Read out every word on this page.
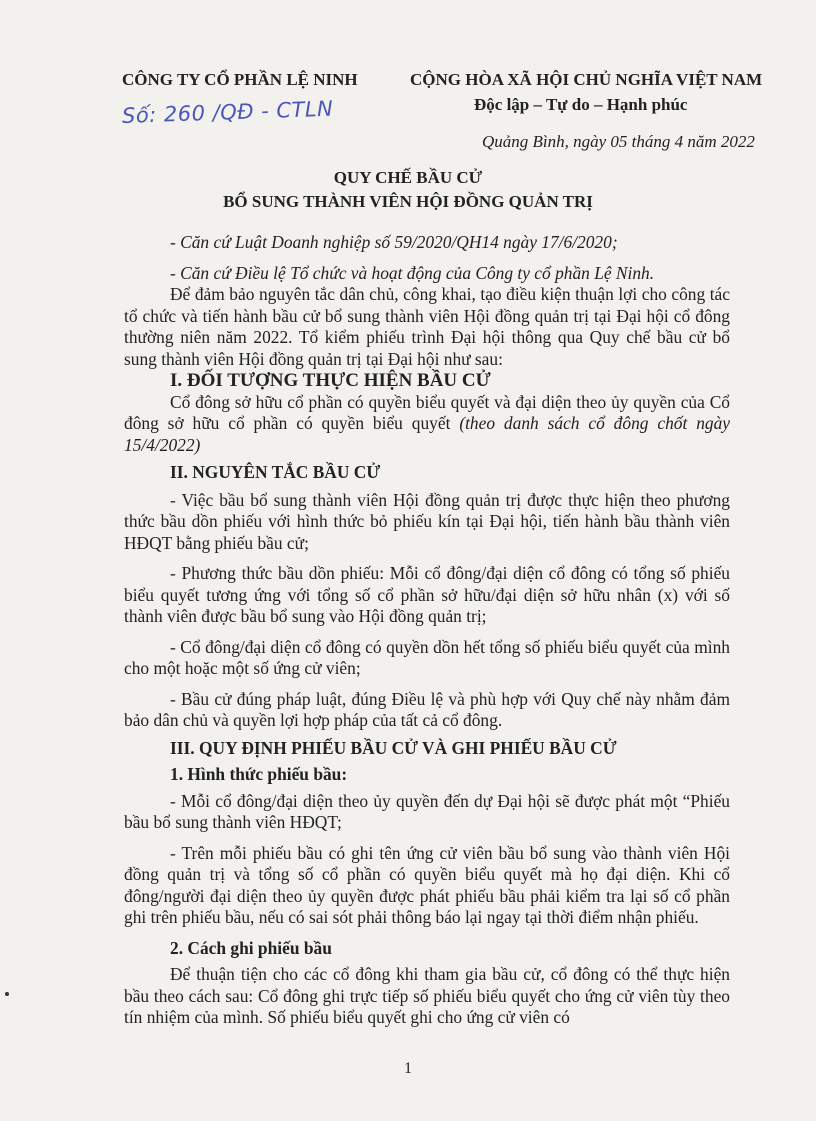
CÔNG TY CỔ PHẦN LỆ NINH
Số: 260 /QĐ - CTLN
CỘNG HÒA XÃ HỘI CHỦ NGHĨA VIỆT NAM
Độc lập – Tự do – Hạnh phúc
Quảng Bình, ngày 05 tháng 4 năm 2022
QUY CHẾ BẦU CỬ
BỔ SUNG THÀNH VIÊN HỘI ĐỒNG QUẢN TRỊ

- Căn cứ Luật Doanh nghiệp số 59/2020/QH14 ngày 17/6/2020;

- Căn cứ Điều lệ Tổ chức và hoạt động của Công ty cổ phần Lệ Ninh.

Để đảm bảo nguyên tắc dân chủ, công khai, tạo điều kiện thuận lợi cho công tác tổ chức và tiến hành bầu cử bổ sung thành viên Hội đồng quản trị tại Đại hội cổ đông thường niên năm 2022. Tổ kiểm phiếu trình Đại hội thông qua Quy chế bầu cử bổ sung thành viên Hội đồng quản trị tại Đại hội như sau:

I. ĐỐI TƯỢNG THỰC HIỆN BẦU CỬ

Cổ đông sở hữu cổ phần có quyền biểu quyết và đại diện theo ủy quyền của Cổ đông sở hữu cổ phần có quyền biểu quyết (theo danh sách cổ đông chốt ngày 15/4/2022)

II. NGUYÊN TẮC BẦU CỬ

- Việc bầu bổ sung thành viên Hội đồng quản trị được thực hiện theo phương thức bầu dồn phiếu với hình thức bỏ phiếu kín tại Đại hội, tiến hành bầu thành viên HĐQT bằng phiếu bầu cử;

- Phương thức bầu dồn phiếu: Mỗi cổ đông/đại diện cổ đông có tổng số phiếu biểu quyết tương ứng với tổng số cổ phần sở hữu/đại diện sở hữu nhân (x) với số thành viên được bầu bổ sung vào Hội đồng quản trị;

- Cổ đông/đại diện cổ đông có quyền dồn hết tổng số phiếu biểu quyết của mình cho một hoặc một số ứng cử viên;

- Bầu cử đúng pháp luật, đúng Điều lệ và phù hợp với Quy chế này nhằm đảm bảo dân chủ và quyền lợi hợp pháp của tất cả cổ đông.

III. QUY ĐỊNH PHIẾU BẦU CỬ VÀ GHI PHIẾU BẦU CỬ

1. Hình thức phiếu bầu:

- Mỗi cổ đông/đại diện theo ủy quyền đến dự Đại hội sẽ được phát một “Phiếu bầu bổ sung thành viên HĐQT;

- Trên mỗi phiếu bầu có ghi tên ứng cử viên bầu bổ sung vào thành viên Hội đồng quản trị và tổng số cổ phần có quyền biểu quyết mà họ đại diện. Khi cổ đông/người đại diện theo ủy quyền được phát phiếu bầu phải kiểm tra lại số cổ phần ghi trên phiếu bầu, nếu có sai sót phải thông báo lại ngay tại thời điểm nhận phiếu.

2. Cách ghi phiếu bầu

Để thuận tiện cho các cổ đông khi tham gia bầu cử, cổ đông có thể thực hiện bầu theo cách sau: Cổ đông ghi trực tiếp số phiếu biểu quyết cho ứng cử viên tùy theo tín nhiệm của mình. Số phiếu biểu quyết ghi cho ứng cử viên có

1
